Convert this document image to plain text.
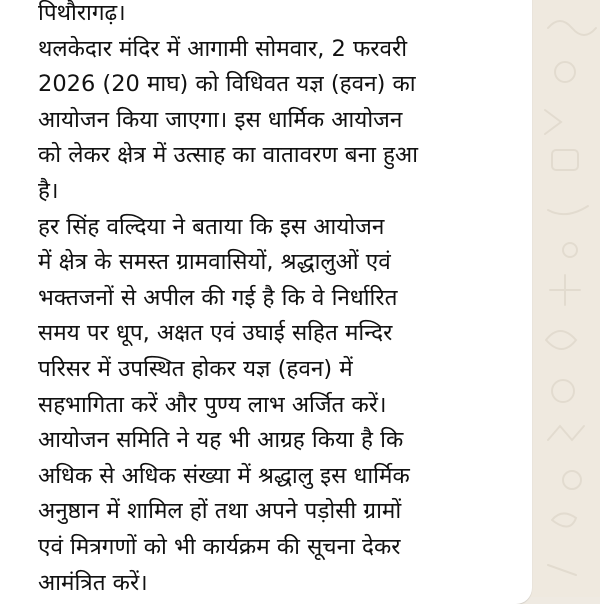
पिथौरागढ़।
थलकेदार मंदिर में आगामी सोमवार, 2 फरवरी
2026 (20 माघ) को विधिवत यज्ञ (हवन) का
आयोजन किया जाएगा। इस धार्मिक आयोजन
को लेकर क्षेत्र में उत्साह का वातावरण बना हुआ
है।
हर सिंह वल्दिया ने बताया कि इस आयोजन
में क्षेत्र के समस्त ग्रामवासियों, श्रद्धालुओं एवं
भक्तजनों से अपील की गई है कि वे निर्धारित
समय पर धूप, अक्षत एवं उघाई सहित मन्दिर
परिसर में उपस्थित होकर यज्ञ (हवन) में
सहभागिता करें और पुण्य लाभ अर्जित करें।
आयोजन समिति ने यह भी आग्रह किया है कि
अधिक से अधिक संख्या में श्रद्धालु इस धार्मिक
अनुष्ठान में शामिल हों तथा अपने पड़ोसी ग्रामों
एवं मित्रगणों को भी कार्यक्रम की सूचना देकर
आमंत्रित करें।
